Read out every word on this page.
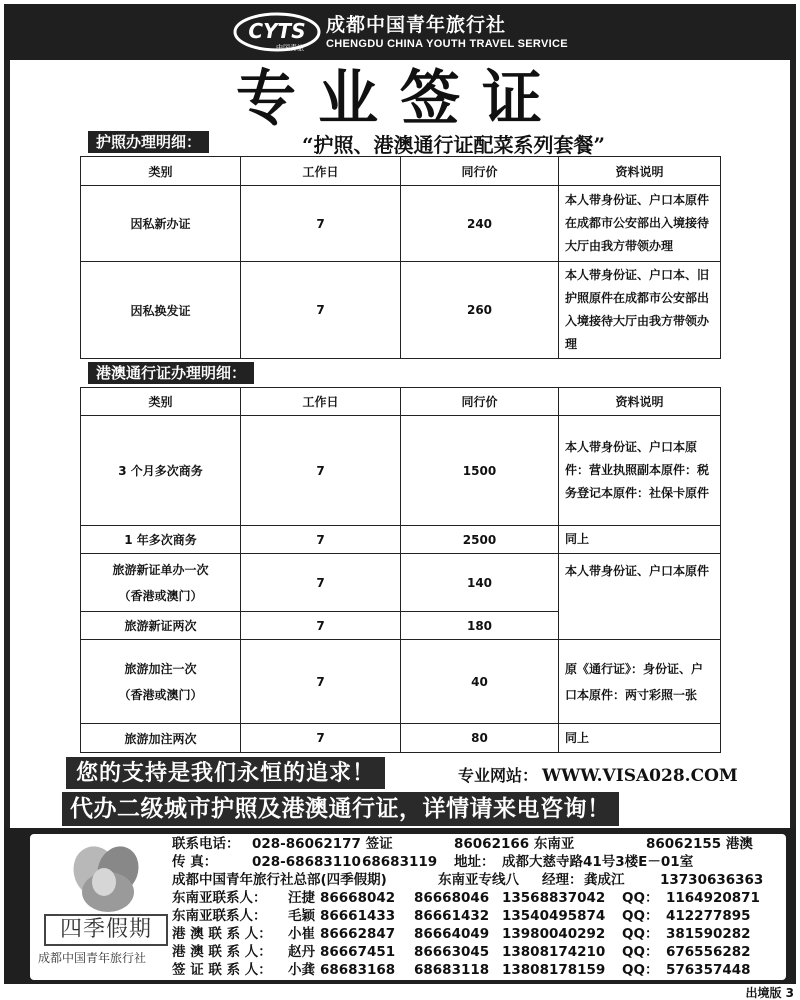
CYTS
中国青旅
成都中国青年旅行社
CHENGDU CHINA YOUTH TRAVEL SERVICE
专业签证
护照办理明细：	“护照、港澳通行证配菜系列套餐”
类别	工作日	同行价	资料说明
因私新办证	7	240	本人带身份证、户口本原件在成都市公安部出入境接待大厅由我方带领办理
因私换发证	7	260	本人带身份证、户口本、旧护照原件在成都市公安部出入境接待大厅由我方带领办理
港澳通行证办理明细：
类别	工作日	同行价	资料说明
3 个月多次商务	7	1500	本人带身份证、户口本原件：营业执照副本原件：税务登记本原件：社保卡原件
1 年多次商务	7	2500	同上

旅游新证单办一次
（香港或澳门）	7	140	本人带身份证、户口本原件
旅游新证两次	7	180	

旅游加注一次
（香港或澳门）	7	40	原《通行证》：身份证、户口本原件：两寸彩照一张
旅游加注两次	7	80	同上
您的支持是我们永恒的追求！	专业网站： WWW.VISA028.COM
代办二级城市护照及港澳通行证，详情请来电咨询！
四季假期
成都中国青年旅行社
联系电话： 028-86062177 签证	86062166 东南亚	86062155 港澳
传 真：	028-68683110 68683119 地址： 成都大慈寺路41号3楼E－01室
成都中国青年旅行社总部(四季假期)	东南亚专线八 经理： 龚成江	13730636363
东南亚联系人： 汪捷 86668042 86668046 13568837042 QQ： 1164920871
东南亚联系人： 毛颖 86661433 86661432 13540495874 QQ： 412277895
港 澳 联 系 人： 小崔 86662847 86664049 13980040292 QQ： 381590282
港 澳 联 系 人： 赵丹 86667451 86663045 13808174210 QQ： 676556282
签 证 联 系 人： 小龚 68683168 68683118 13808178159 QQ： 576357448
出境版 3
